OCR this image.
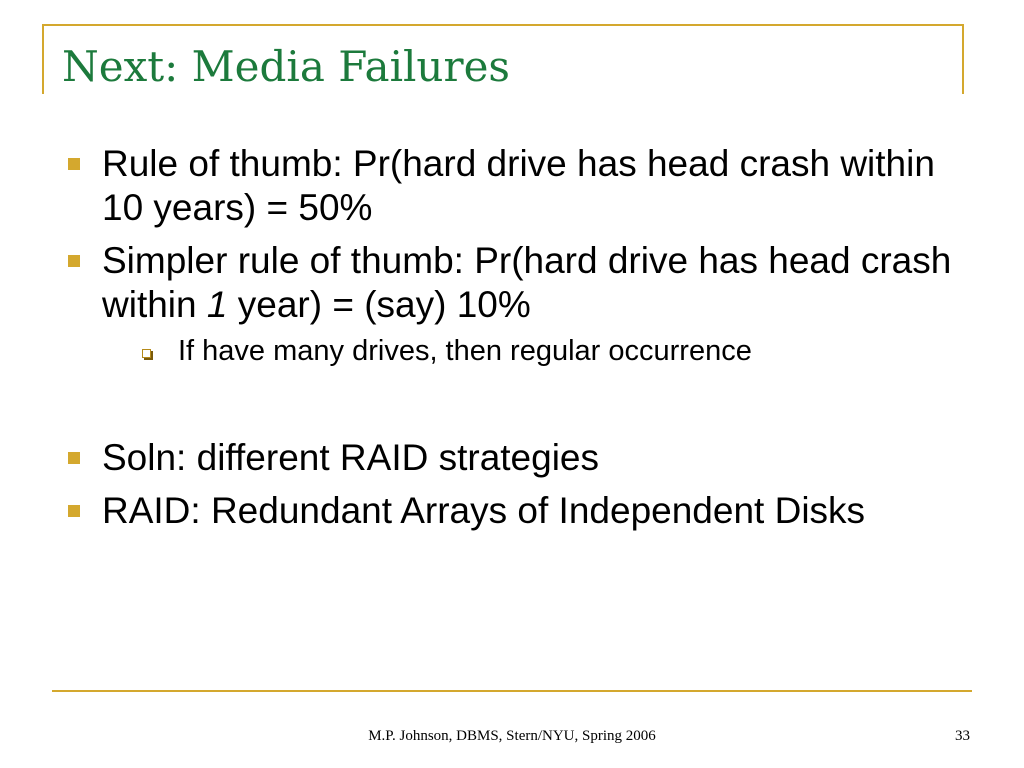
Next: Media Failures
Rule of thumb: Pr(hard drive has head crash within 10 years) = 50%
Simpler rule of thumb: Pr(hard drive has head crash within 1 year) = (say) 10%
If have many drives, then regular occurrence
Soln: different RAID strategies
RAID: Redundant Arrays of Independent Disks
M.P. Johnson, DBMS, Stern/NYU, Spring 2006	33
